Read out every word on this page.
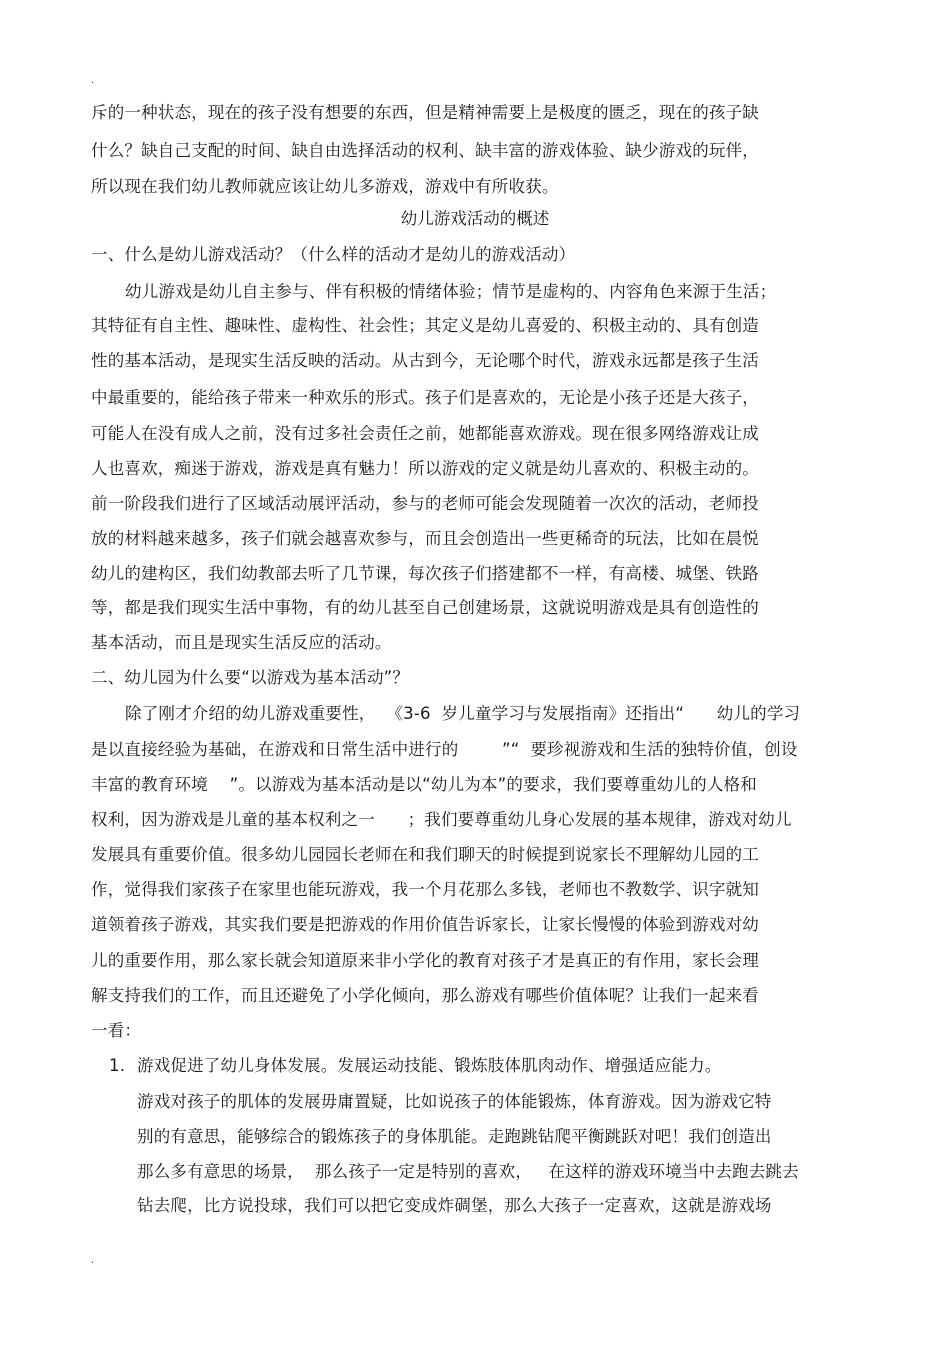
.
斥的一种状态，现在的孩子没有想要的东西，但是精神需要上是极度的匮乏，现在的孩子缺
什么？缺自己支配的时间、缺自由选择活动的权利、缺丰富的游戏体验、缺少游戏的玩伴，
所以现在我们幼儿教师就应该让幼儿多游戏，游戏中有所收获。
幼儿游戏活动的概述
一、什么是幼儿游戏活动？（什么样的活动才是幼儿的游戏活动）
幼儿游戏是幼儿自主参与、伴有积极的情绪体验；情节是虚构的、内容角色来源于生活；
其特征有自主性、趣味性、虚构性、社会性；其定义是幼儿喜爱的、积极主动的、具有创造
性的基本活动，是现实生活反映的活动。从古到今，无论哪个时代，游戏永远都是孩子生活
中最重要的，能给孩子带来一种欢乐的形式。孩子们是喜欢的，无论是小孩子还是大孩子，
可能人在没有成人之前，没有过多社会责任之前，她都能喜欢游戏。现在很多网络游戏让成
人也喜欢，痴迷于游戏，游戏是真有魅力！所以游戏的定义就是幼儿喜欢的、积极主动的。
前一阶段我们进行了区域活动展评活动，参与的老师可能会发现随着一次次的活动，老师投
放的材料越来越多，孩子们就会越喜欢参与，而且会创造出一些更稀奇的玩法，比如在晨悦
幼儿的建构区，我们幼教部去听了几节课，每次孩子们搭建都不一样，有高楼、城堡、铁路
等，都是我们现实生活中事物，有的幼儿甚至自己创建场景，这就说明游戏是具有创造性的
基本活动，而且是现实生活反应的活动。
二、幼儿园为什么要“以游戏为基本活动”？
除了刚才介绍的幼儿游戏重要性，  《3-6  岁儿童学习与发展指南》还指出“      幼儿的学习
是以直接经验为基础，在游戏和日常生活中进行的        ”“  要珍视游戏和生活的独特价值，创设
丰富的教育环境    ”。以游戏为基本活动是以“幼儿为本”的要求，我们要尊重幼儿的人格和
权利，因为游戏是儿童的基本权利之一      ；我们要尊重幼儿身心发展的基本规律，游戏对幼儿
发展具有重要价值。很多幼儿园园长老师在和我们聊天的时候提到说家长不理解幼儿园的工
作，觉得我们家孩子在家里也能玩游戏，我一个月花那么多钱，老师也不教数学、识字就知
道领着孩子游戏，其实我们要是把游戏的作用价值告诉家长，让家长慢慢的体验到游戏对幼
儿的重要作用，那么家长就会知道原来非小学化的教育对孩子才是真正的有作用，家长会理
解支持我们的工作，而且还避免了小学化倾向，那么游戏有哪些价值体呢？让我们一起来看
一看：
1. 游戏促进了幼儿身体发展。发展运动技能、锻炼肢体肌肉动作、增强适应能力。
游戏对孩子的肌体的发展毋庸置疑，比如说孩子的体能锻炼，体育游戏。因为游戏它特
别的有意思，能够综合的锻炼孩子的身体肌能。走跑跳钻爬平衡跳跃对吧！我们创造出
那么多有意思的场景，  那么孩子一定是特别的喜欢，   在这样的游戏环境当中去跑去跳去
钻去爬，比方说投球，我们可以把它变成炸碉堡，那么大孩子一定喜欢，这就是游戏场
.
